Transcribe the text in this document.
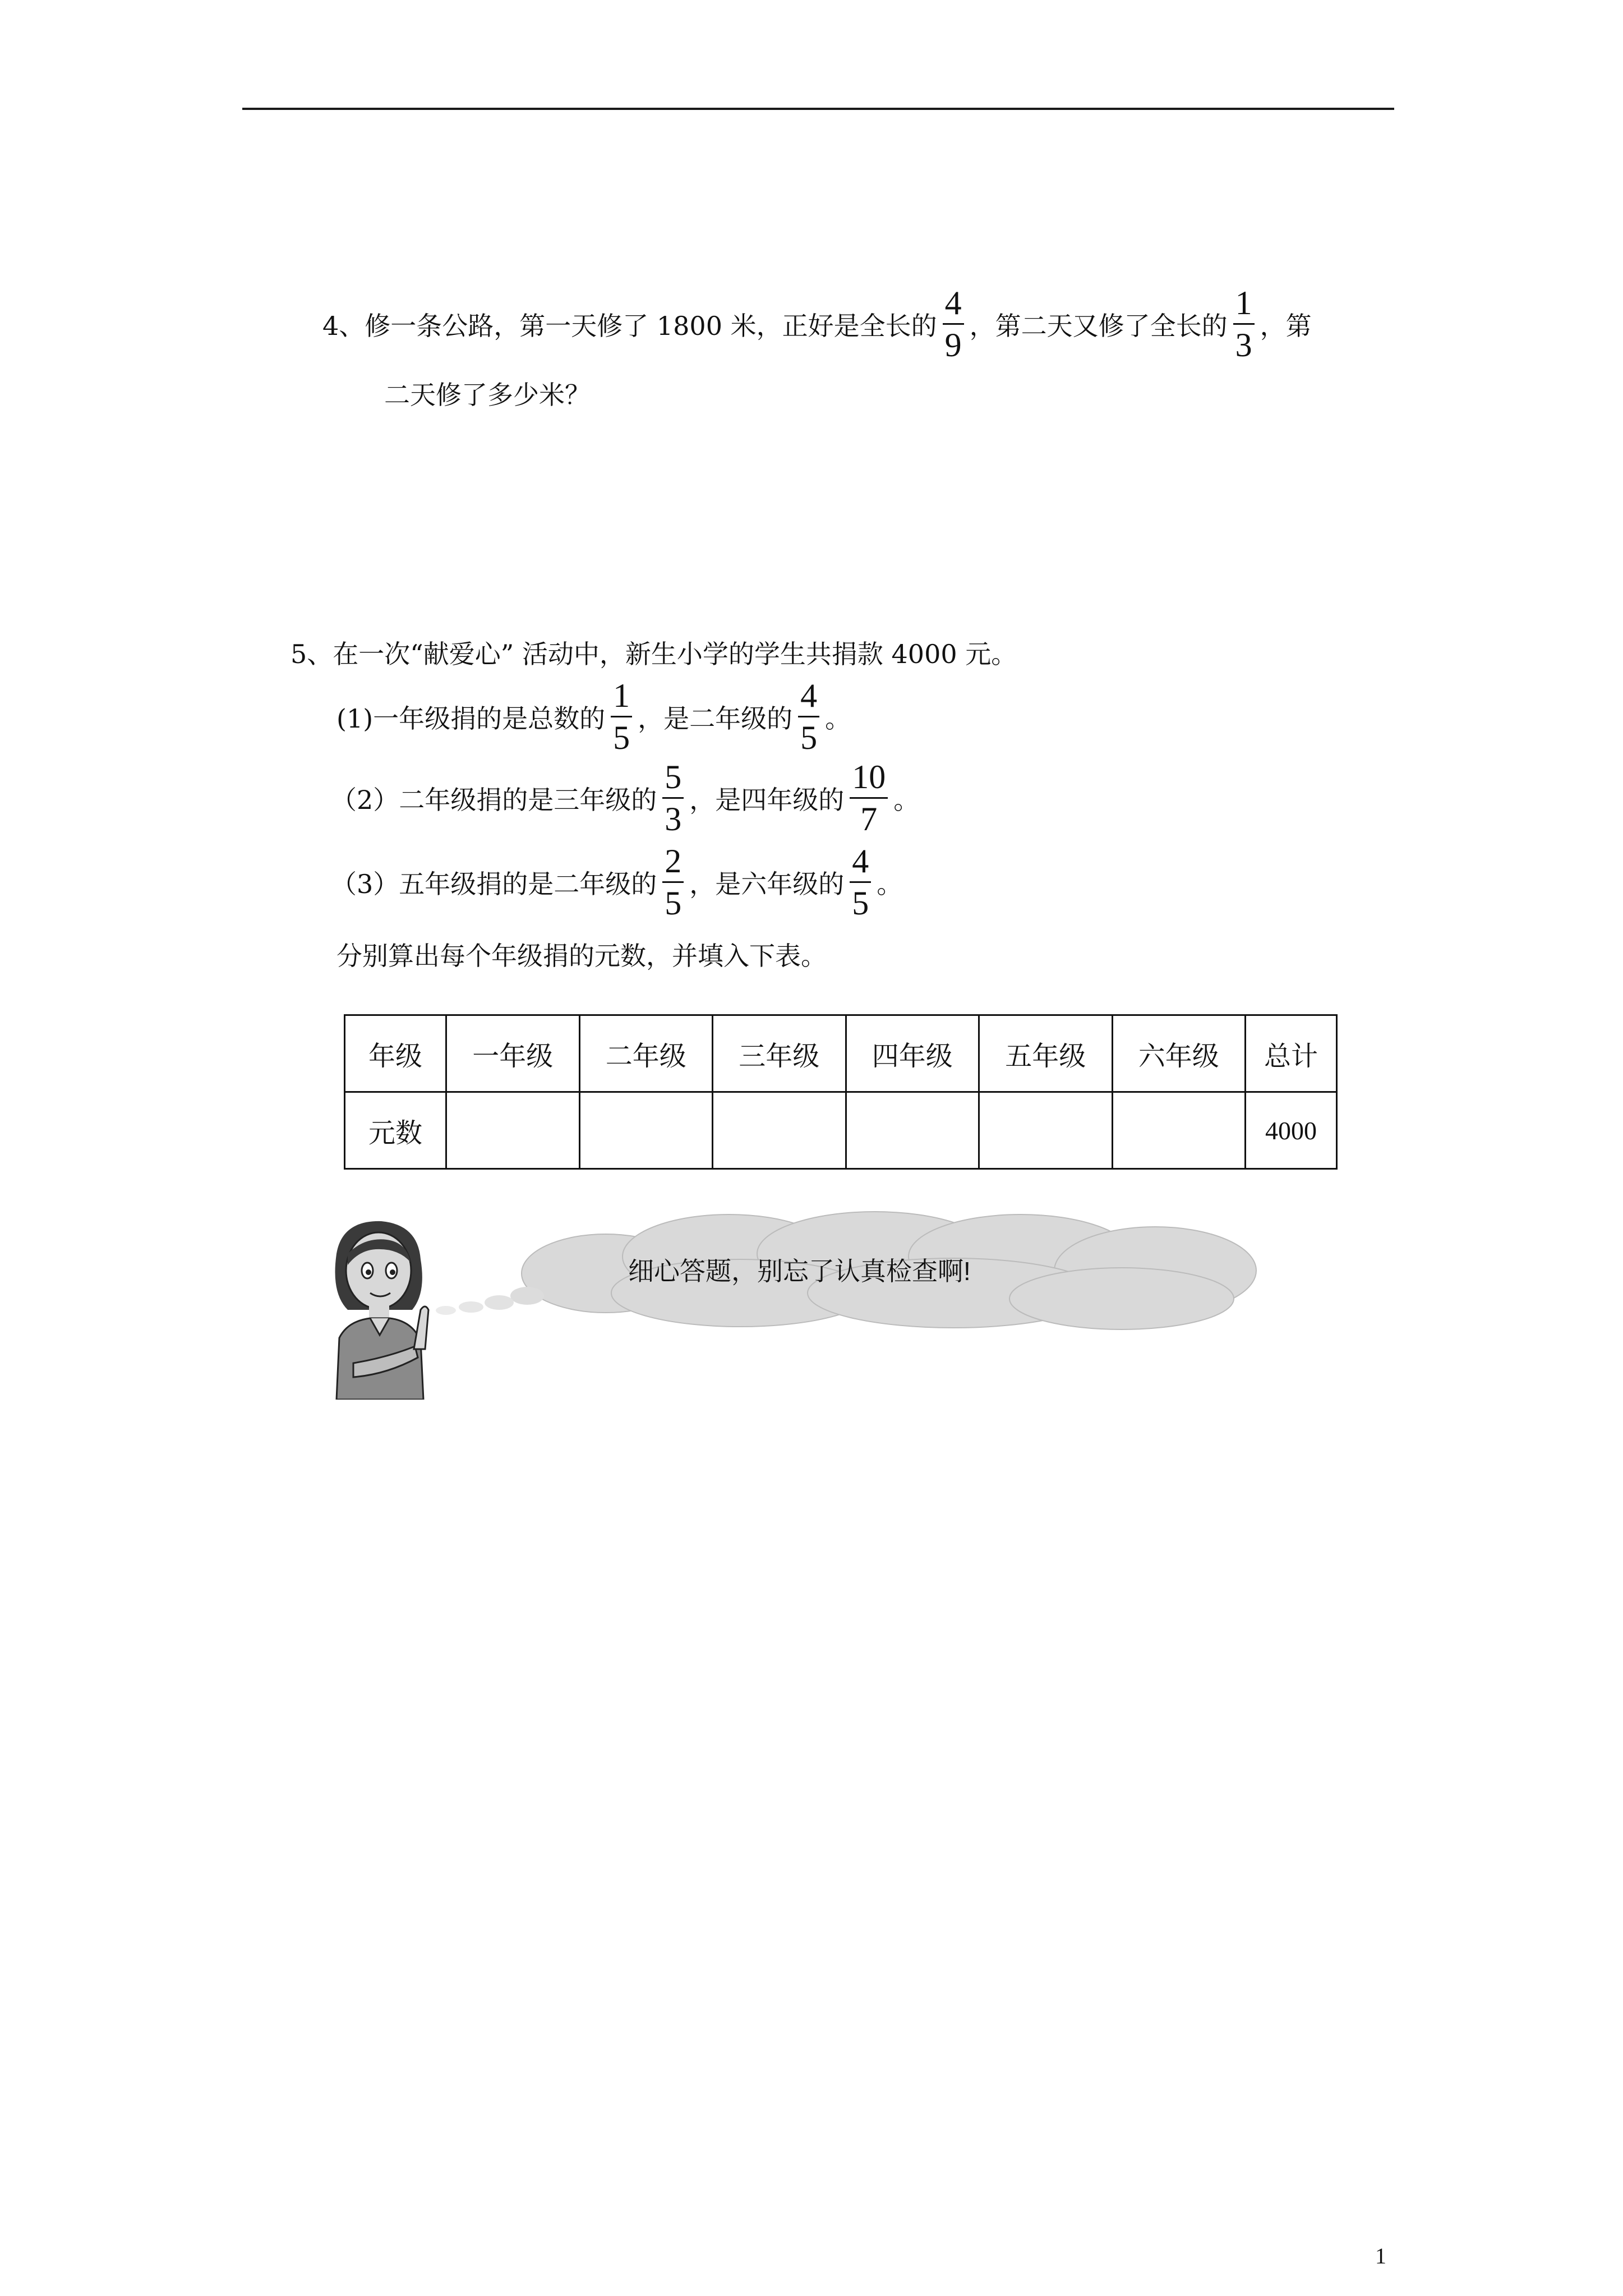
4、修一条公路，第一天修了 1800 米，正好是全长的 $\frac{4}{9}$ ，第二天又修了全长的 $\frac{1}{3}$ ，第
二天修了多少米？
5、在一次“献爱心” 活动中，新生小学的学生共捐款 4000 元。
(1)一年级捐的是总数的 $\frac{1}{5}$ ，是二年级的 $\frac{4}{5}$ 。
（2）二年级捐的是三年级的 $\frac{5}{3}$ ，是四年级的 $\frac{10}{7}$ 。
（3）五年级捐的是二年级的 $\frac{2}{5}$ ，是六年级的 $\frac{4}{5}$ 。
分别算出每个年级捐的元数，并填入下表。
年级	一年级	二年级	三年级	四年级	五年级	六年级	总计
元数							4000
细心答题，别忘了认真检查啊!
1
